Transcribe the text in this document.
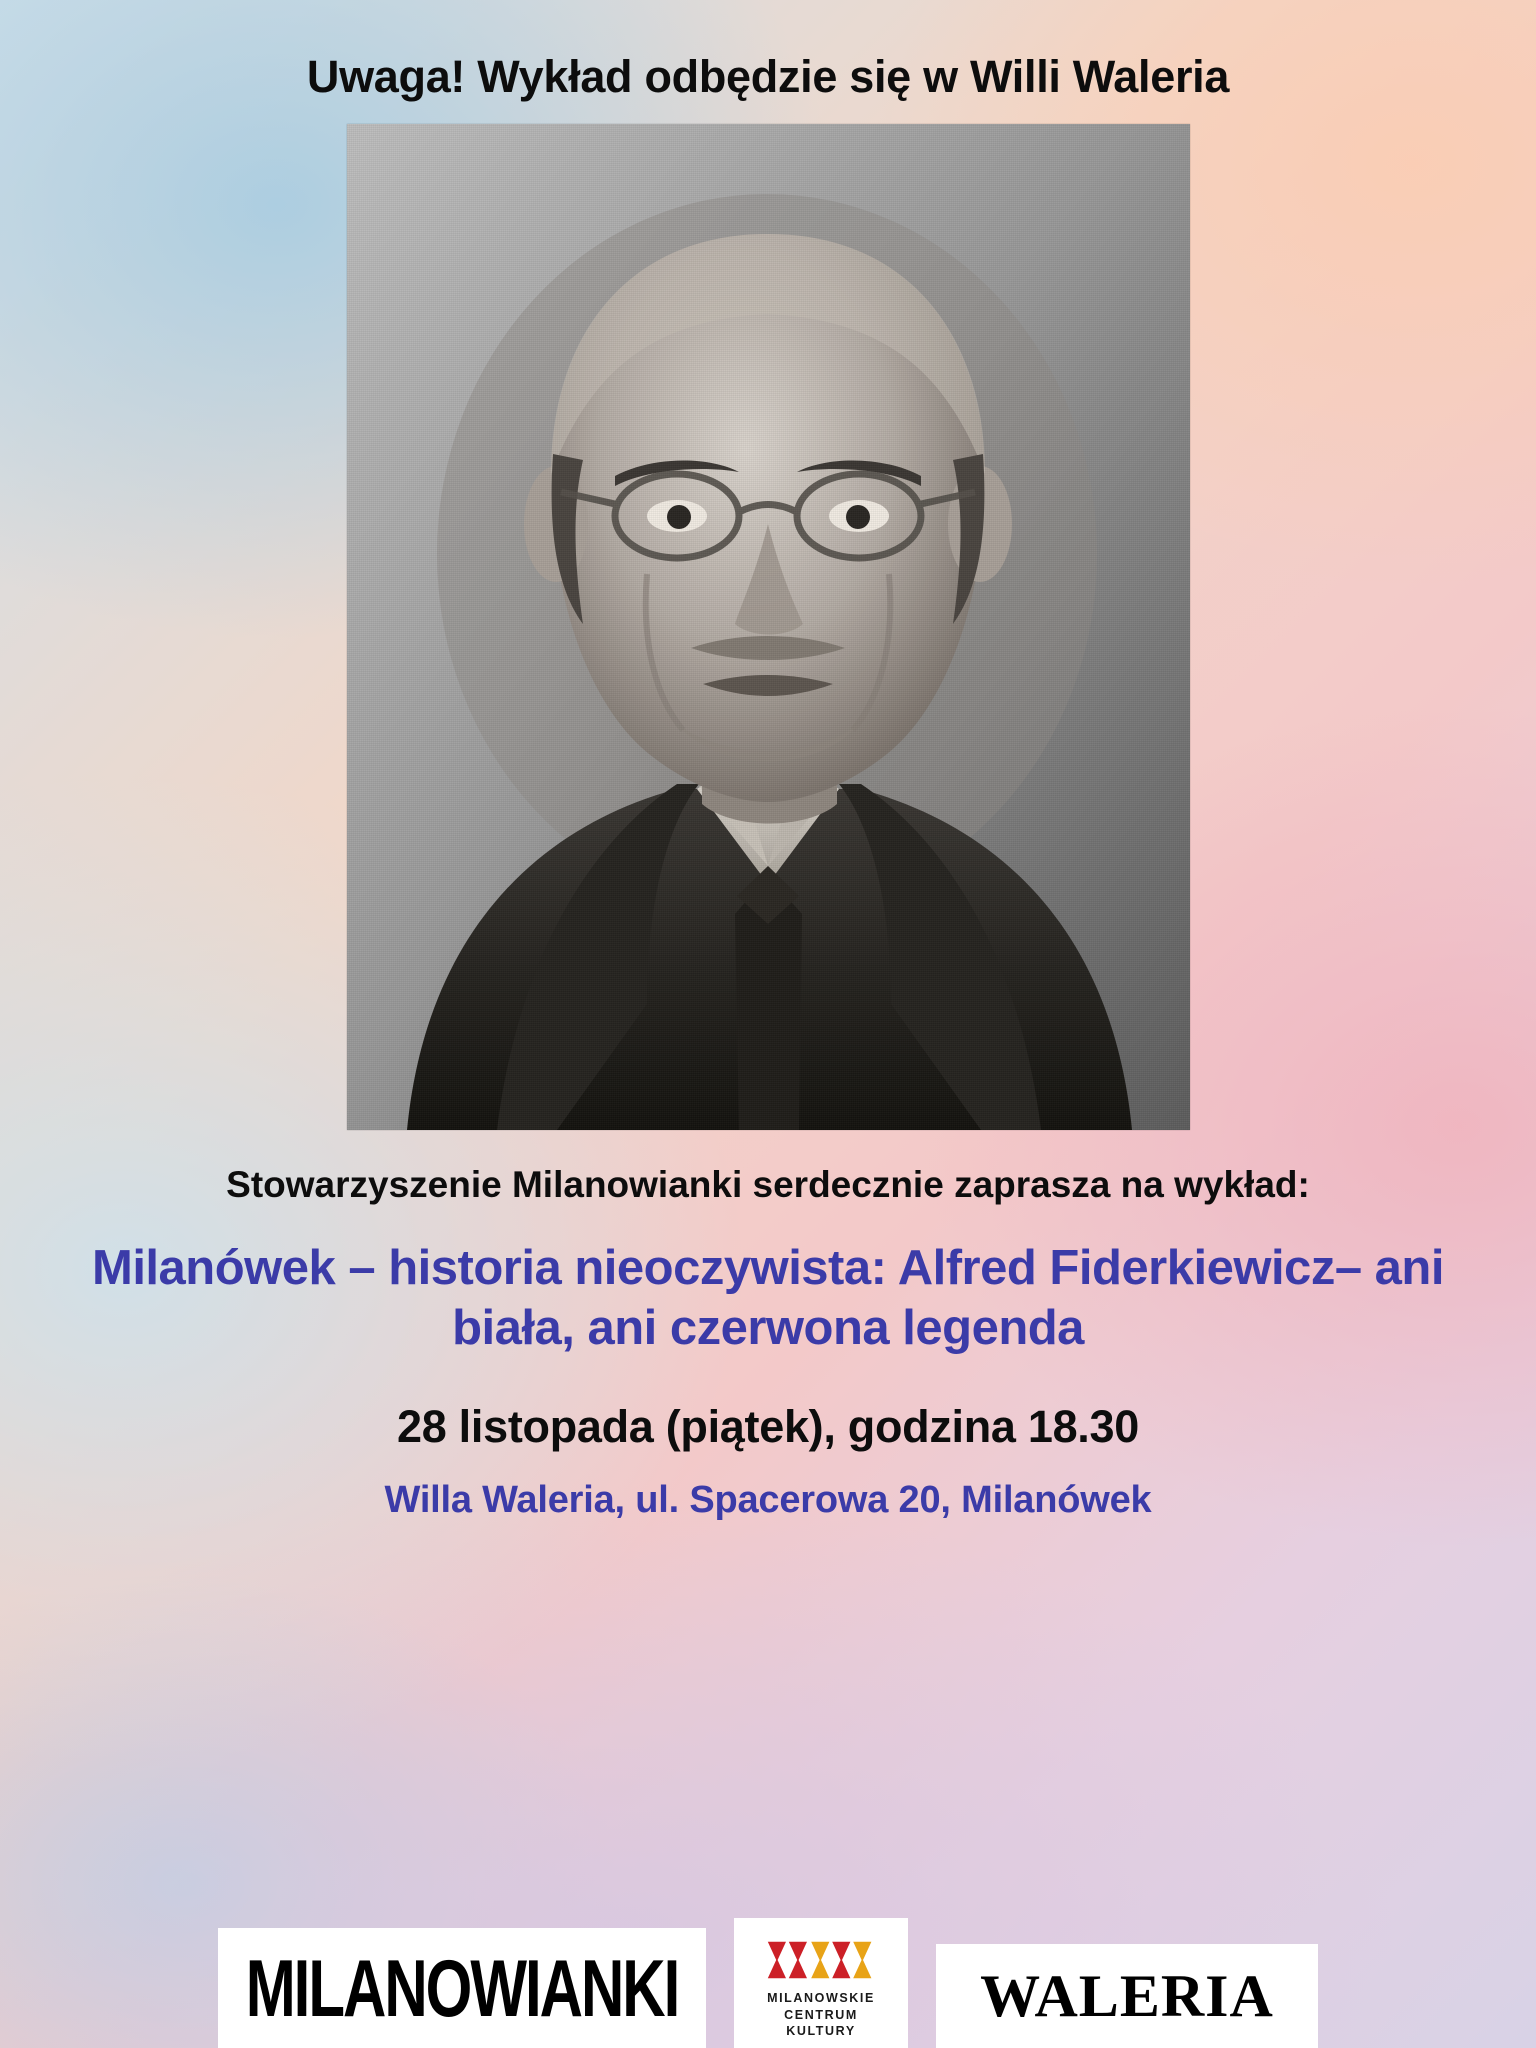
Uwaga! Wykład odbędzie się w Willi Waleria
Stowarzyszenie Milanowianki serdecznie zaprasza na wykład:
Milanówek – historia nieoczywista: Alfred Fiderkiewicz– ani biała, ani czerwona legenda
28 listopada (piątek), godzina 18.30
Willa Waleria, ul. Spacerowa 20, Milanówek
MILANOWIANKI	MILANOWSKIE
CENTRUM
KULTURY
WALERIA
